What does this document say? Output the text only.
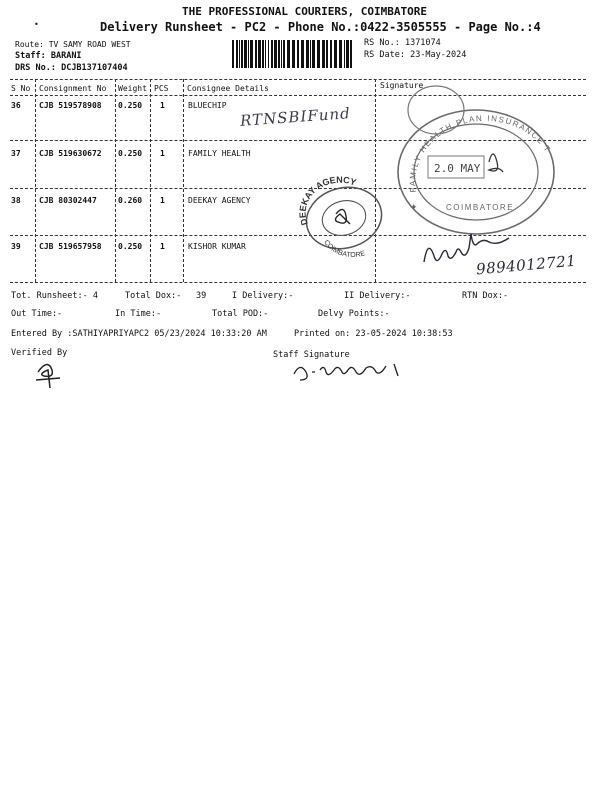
THE PROFESSIONAL COURIERS, COIMBATORE
•	Delivery Runsheet - PC2 - Phone No.:0422-3505555 - Page No.:4
Route: TV SAMY ROAD WEST
Staff: BARANI
DRS No.: DCJB137107404
RS No.: 1371074
RS Date: 23-May-2024
S No Consignment No Weight PCS Consignee Details	Signature
36 CJB 519578908 0.250 1	BLUECHIP
37 CJB 519630672 0.250 1	FAMILY HEALTH
38 CJB 80302447	0.260 1	DEEKAY AGENCY
39 CJB 519657958 0.250 1	KISHOR KUMAR
RTNSBIFund
FAMILY HEALTH PLAN INSURANCE TPA LTD
COIMBATORE
✦
2.0 MAY
DEEKAY AGENCY
COIMBATORE	9894012721
Tot. Runsheet:- 4	Total Dox:- 39	I Delivery:-	II Delivery:-	RTN Dox:-
Out Time:-	In Time:-	Total POD:-	Delvy Points:-
Entered By :SATHIYAPRIYAPC2 05/23/2024 10:33:20 AM	Printed on: 23-05-2024 10:38:53
Verified By	Staff Signature
